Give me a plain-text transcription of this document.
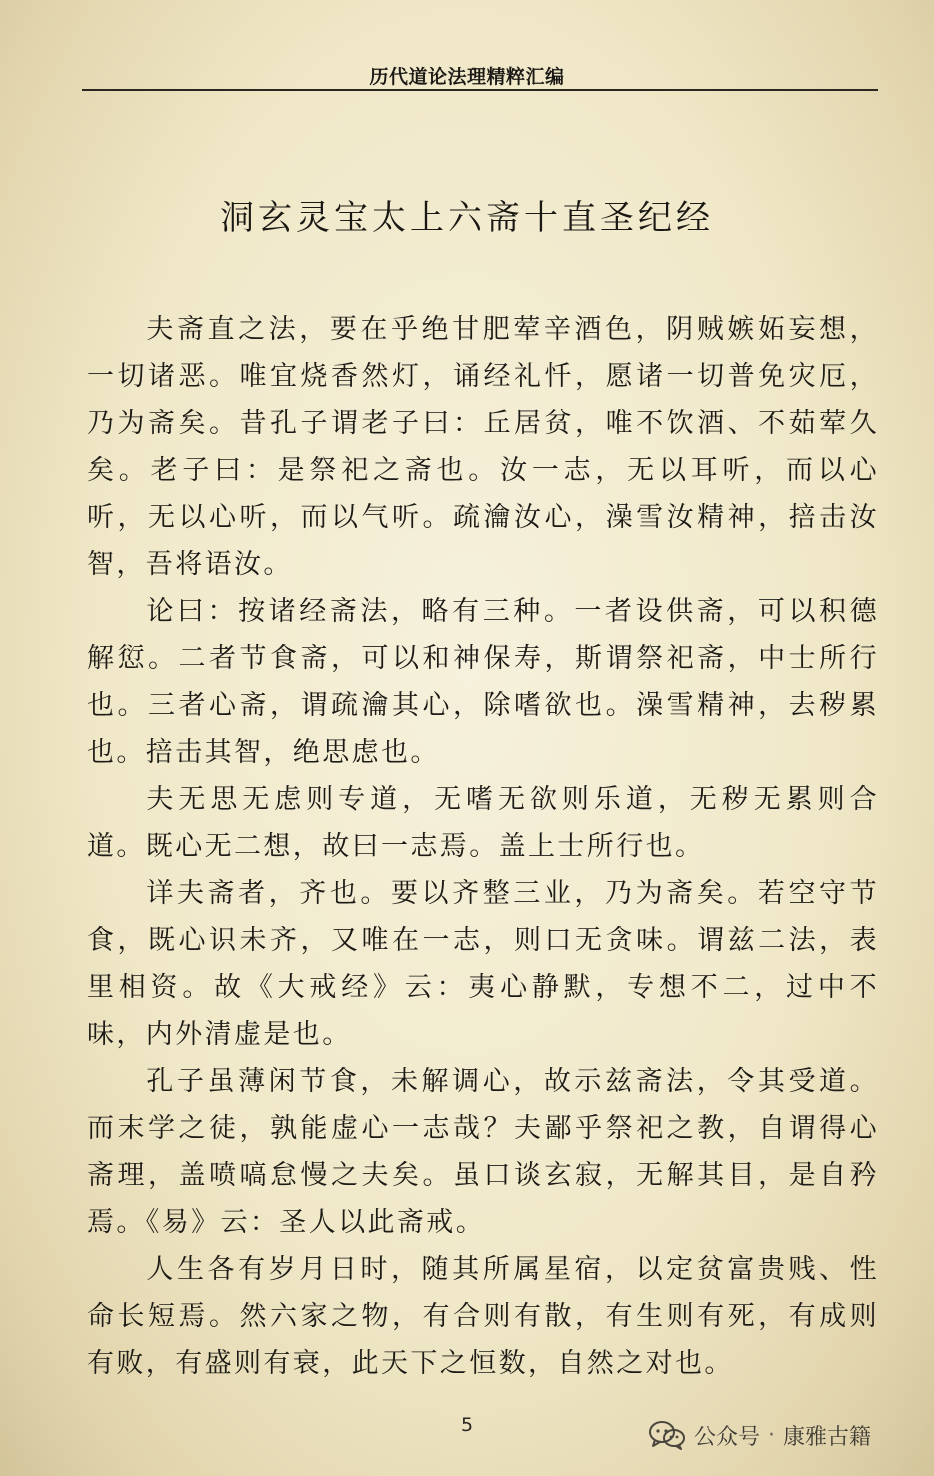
历代道论法理精粹汇编
洞玄灵宝太上六斋十直圣纪经

夫斋直之法，要在乎绝甘肥荤辛酒色，阴贼嫉妬妄想，一切诸恶。唯宜烧香然灯，诵经礼忏，愿诸一切普免灾厄，乃为斋矣。昔孔子谓老子曰：丘居贫，唯不饮酒、不茹荤久矣。老子曰：是祭祀之斋也。汝一志，无以耳听，而以心听，无以心听，而以气听。疏瀹汝心，澡雪汝精神，掊击汝智，吾将语汝。

论曰：按诸经斋法，略有三种。一者设供斋，可以积德解愆。二者节食斋，可以和神保寿，斯谓祭祀斋，中士所行也。三者心斋，谓疏瀹其心，除嗜欲也。澡雪精神，去秽累也。掊击其智，绝思虑也。

夫无思无虑则专道，无嗜无欲则乐道，无秽无累则合道。既心无二想，故曰一志焉。盖上士所行也。

详夫斋者，齐也。要以齐整三业，乃为斋矣。若空守节食，既心识未齐，又唯在一志，则口无贪味。谓兹二法，表里相资。故《大戒经》云：夷心静默，专想不二，过中不味，内外清虚是也。

孔子虽薄闲节食，未解调心，故示兹斋法，令其受道。而末学之徒，孰能虚心一志哉？夫鄙乎祭祀之教，自谓得心斋理，盖喷嗃怠慢之夫矣。虽口谈玄寂，无解其目，是自矜焉。《易》云：圣人以此斋戒。

人生各有岁月日时，随其所属星宿，以定贫富贵贱、性命长短焉。然六家之物，有合则有散，有生则有死，有成则有败，有盛则有衰，此天下之恒数，自然之对也。

5	公众号 · 康雅古籍
